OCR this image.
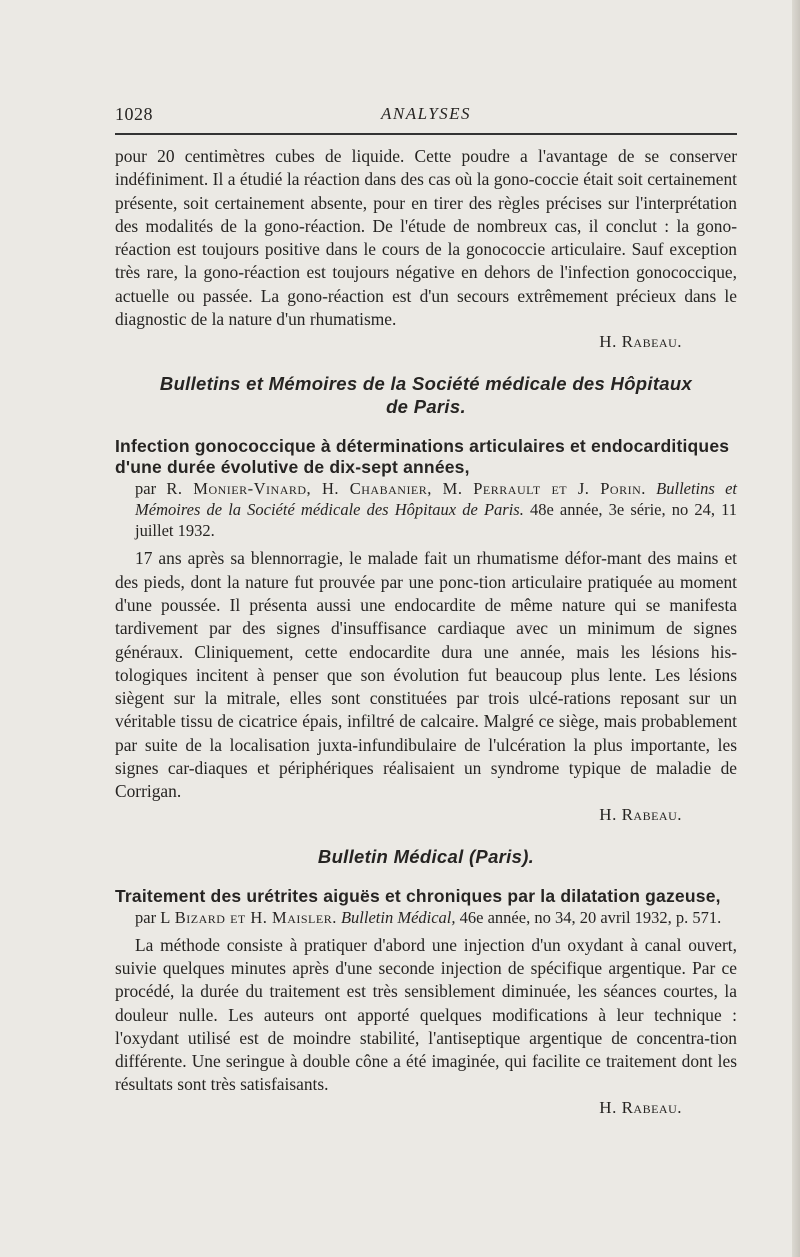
1028	ANALYSES

pour 20 centimètres cubes de liquide. Cette poudre a l'avantage de se conserver indéfiniment. Il a étudié la réaction dans des cas où la gono-coccie était soit certainement présente, soit certainement absente, pour en tirer des règles précises sur l'interprétation des modalités de la gono-réaction. De l'étude de nombreux cas, il conclut : la gono-réaction est toujours positive dans le cours de la gonococcie articulaire. Sauf exception très rare, la gono-réaction est toujours négative en dehors de l'infection gonococcique, actuelle ou passée. La gono-réaction est d'un secours extrêmement précieux dans le diagnostic de la nature d'un rhumatisme.

H. Rabeau.
Bulletins et Mémoires de la Société médicale des Hôpitaux
de Paris.
Infection gonococcique à déterminations articulaires et endocarditiques d'une durée évolutive de dix-sept années,
par R. Monier-Vinard, H. Chabanier, M. Perrault et J. Porin. Bulletins et Mémoires de la Société médicale des Hôpitaux de Paris. 48e année, 3e série, no 24, 11 juillet 1932.

17 ans après sa blennorragie, le malade fait un rhumatisme défor-mant des mains et des pieds, dont la nature fut prouvée par une ponc-tion articulaire pratiquée au moment d'une poussée. Il présenta aussi une endocardite de même nature qui se manifesta tardivement par des signes d'insuffisance cardiaque avec un minimum de signes généraux. Cliniquement, cette endocardite dura une année, mais les lésions his-tologiques incitent à penser que son évolution fut beaucoup plus lente. Les lésions siègent sur la mitrale, elles sont constituées par trois ulcé-rations reposant sur un véritable tissu de cicatrice épais, infiltré de calcaire. Malgré ce siège, mais probablement par suite de la localisation juxta-infundibulaire de l'ulcération la plus importante, les signes car-diaques et périphériques réalisaient un syndrome typique de maladie de Corrigan.

H. Rabeau.
Bulletin Médical (Paris).
Traitement des urétrites aiguës et chroniques par la dilatation gazeuse,
par L Bizard et H. Maisler. Bulletin Médical, 46e année, no 34, 20 avril 1932, p. 571.

La méthode consiste à pratiquer d'abord une injection d'un oxydant à canal ouvert, suivie quelques minutes après d'une seconde injection de spécifique argentique. Par ce procédé, la durée du traitement est très sensiblement diminuée, les séances courtes, la douleur nulle. Les auteurs ont apporté quelques modifications à leur technique : l'oxydant utilisé est de moindre stabilité, l'antiseptique argentique de concentra-tion différente. Une seringue à double cône a été imaginée, qui facilite ce traitement dont les résultats sont très satisfaisants.

H. Rabeau.
